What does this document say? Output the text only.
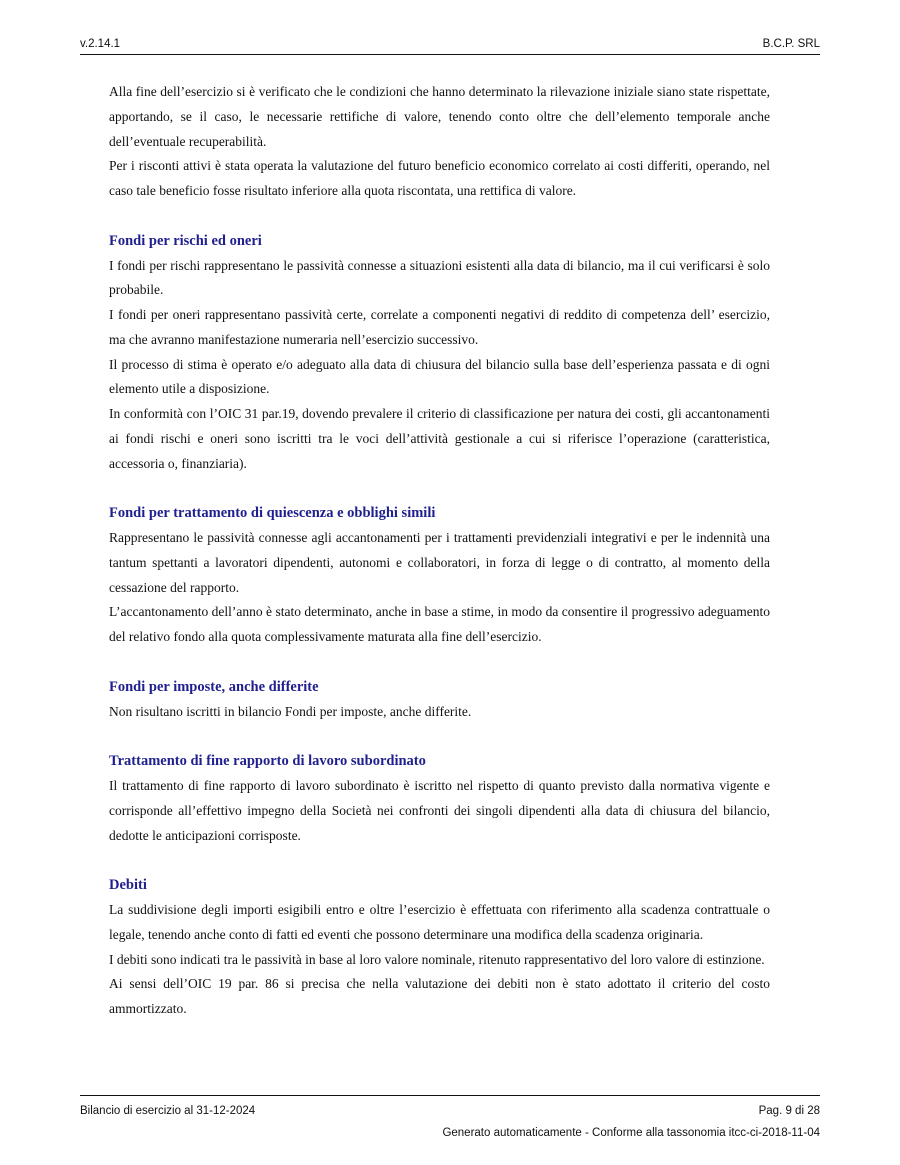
v.2.14.1	B.C.P. SRL

Alla fine dell’esercizio si è verificato che le condizioni che hanno determinato la rilevazione iniziale siano state rispettate, apportando, se il caso, le necessarie rettifiche di valore, tenendo conto oltre che dell’elemento temporale anche dell’eventuale recuperabilità.

Per i risconti attivi è stata operata la valutazione del futuro beneficio economico correlato ai costi differiti, operando, nel caso tale beneficio fosse risultato inferiore alla quota riscontata, una rettifica di valore.

Fondi per rischi ed oneri

I fondi per rischi rappresentano le passività connesse a situazioni esistenti alla data di bilancio, ma il cui verificarsi è solo probabile.

I fondi per oneri rappresentano passività certe, correlate a componenti negativi di reddito di competenza dell’ esercizio, ma che avranno manifestazione numeraria nell’esercizio successivo.

Il processo di stima è operato e/o adeguato alla data di chiusura del bilancio sulla base dell’esperienza passata e di ogni elemento utile a disposizione.

In conformità con l’OIC 31 par.19, dovendo prevalere il criterio di classificazione per natura dei costi, gli accantonamenti ai fondi rischi e oneri sono iscritti tra le voci dell’attività gestionale a cui si riferisce l’operazione (caratteristica, accessoria o, finanziaria).

Fondi per trattamento di quiescenza e obblighi simili

Rappresentano le passività connesse agli accantonamenti per i trattamenti previdenziali integrativi e per le indennità una tantum spettanti a lavoratori dipendenti, autonomi e collaboratori, in forza di legge o di contratto, al momento della cessazione del rapporto.

L’accantonamento dell’anno è stato determinato, anche in base a stime, in modo da consentire il progressivo adeguamento del relativo fondo alla quota complessivamente maturata alla fine dell’esercizio.

Fondi per imposte, anche differite

Non risultano iscritti in bilancio Fondi per imposte, anche differite.

Trattamento di fine rapporto di lavoro subordinato

Il trattamento di fine rapporto di lavoro subordinato è iscritto nel rispetto di quanto previsto dalla normativa vigente e corrisponde all’effettivo impegno della Società nei confronti dei singoli dipendenti alla data di chiusura del bilancio, dedotte le anticipazioni corrisposte.

Debiti

La suddivisione degli importi esigibili entro e oltre l’esercizio è effettuata con riferimento alla scadenza contrattuale o legale, tenendo anche conto di fatti ed eventi che possono determinare una modifica della scadenza originaria.

I debiti sono indicati tra le passività in base al loro valore nominale, ritenuto rappresentativo del loro valore di estinzione.

Ai sensi dell’OIC 19 par. 86 si precisa che nella valutazione dei debiti non è stato adottato il criterio del costo ammortizzato.

Bilancio di esercizio al 31-12-2024	Pag. 9 di 28
Generato automaticamente - Conforme alla tassonomia itcc-ci-2018-11-04
